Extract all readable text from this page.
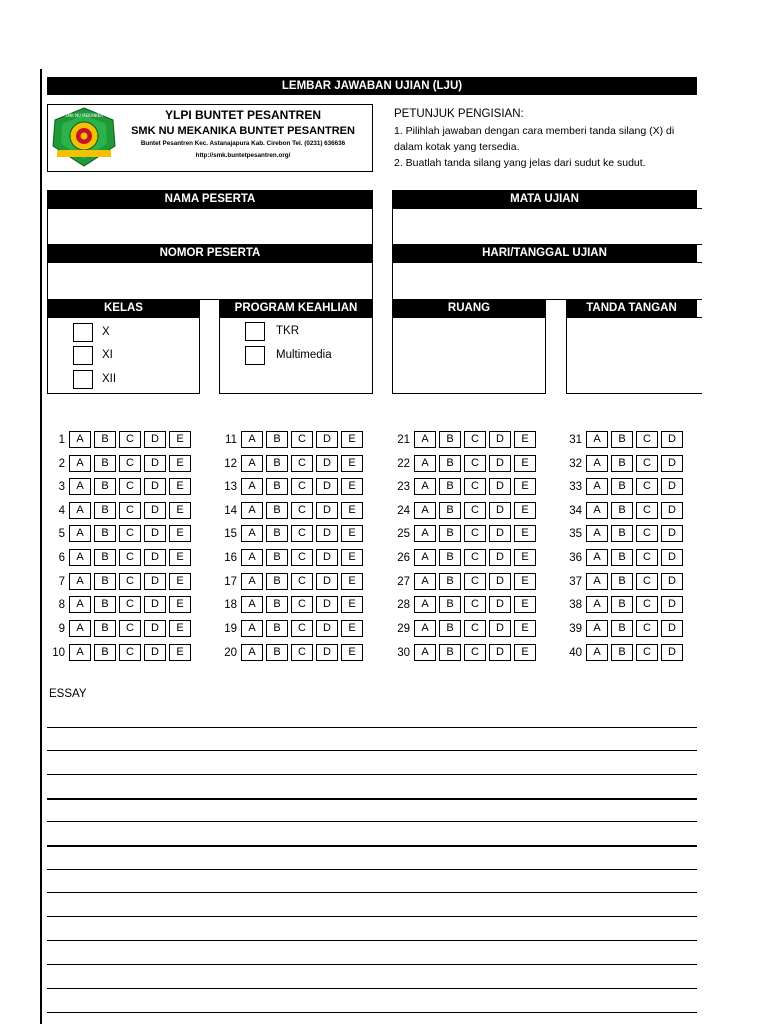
LEMBAR JAWABAN UJIAN (LJU)
SMK NU MEKANIKA	YLPI BUNTET PESANTREN
SMK NU MEKANIKA BUNTET PESANTREN
Buntet Pesantren Kec. Astanajapura Kab. Cirebon Tel. (0231) 636636
http://smk.buntetpesantren.org/
PETUNJUK PENGISIAN:
1. Pilihlah jawaban dengan cara memberi tanda silang (X) di
dalam kotak yang tersedia.
2. Buatlah tanda silang yang jelas dari sudut ke sudut.
NAMA PESERTA	MATA UJIAN
NOMOR PESERTA	HARI/TANGGAL UJIAN
KELAS	PROGRAM KEAHLIAN
X
XI
XII
TKR
Multimedia
RUANG	TANDA TANGAN
1	A	B	C	D	E
2	A	B	C	D	E
3	A	B	C	D	E
4	A	B	C	D	E
5	A	B	C	D	E
6	A	B	C	D	E
7	A	B	C	D	E
8	A	B	C	D	E
9	A	B	C	D	E
10	A	B	C	D	E
11	A	B	C	D	E
12	A	B	C	D	E
13	A	B	C	D	E
14	A	B	C	D	E
15	A	B	C	D	E
16	A	B	C	D	E
17	A	B	C	D	E
18	A	B	C	D	E
19	A	B	C	D	E
20	A	B	C	D	E
21	A	B	C	D	E
22	A	B	C	D	E
23	A	B	C	D	E
24	A	B	C	D	E
25	A	B	C	D	E
26	A	B	C	D	E
27	A	B	C	D	E
28	A	B	C	D	E
29	A	B	C	D	E
30	A	B	C	D	E
31	A	B	C	D
32	A	B	C	D
33	A	B	C	D
34	A	B	C	D
35	A	B	C	D
36	A	B	C	D
37	A	B	C	D
38	A	B	C	D
39	A	B	C	D
40	A	B	C	D
ESSAY
